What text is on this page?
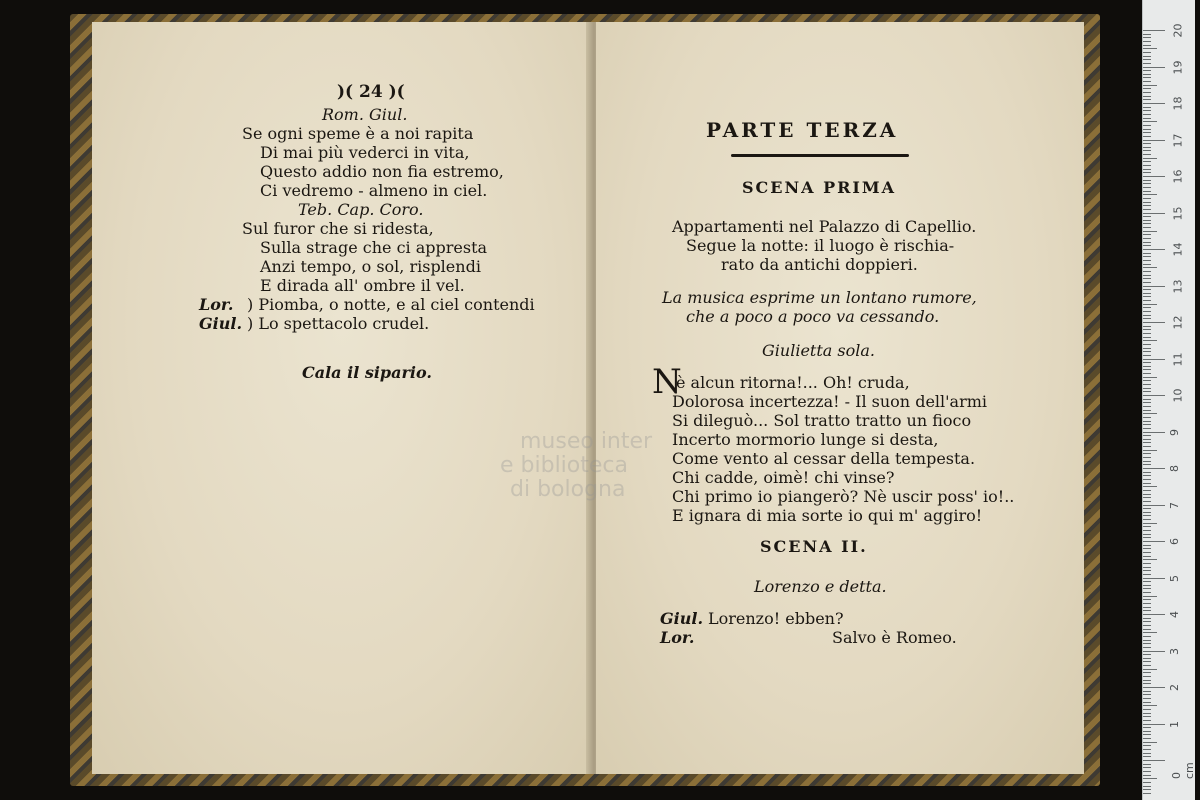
)( 24 )(
Rom. Giul.
Se ogni speme è a noi rapita
Di mai più vederci in vita,
Questo addio non fia estremo,
Ci vedremo - almeno in ciel.
Teb. Cap. Coro.
Sul furor che si ridesta,
Sulla strage che ci appresta
Anzi tempo, o sol, risplendi
E dirada all' ombre il vel.
Lor.
Giul.
) Piomba, o notte, e al ciel contendi
) Lo spettacolo crudel.
Cala il sipario.
PARTE TERZA
SCENA PRIMA
Appartamenti nel Palazzo di Capellio.
Segue la notte: il luogo è rischia-
rato da antichi doppieri.
La musica esprime un lontano rumore,
che a poco a poco va cessando.
Giulietta sola.
N
è alcun ritorna!... Oh! cruda,
Dolorosa incertezza! - Il suon dell'armi
Si dileguò... Sol tratto tratto un fioco
Incerto mormorio lunge si desta,
Come vento al cessar della tempesta.
Chi cadde, oimè! chi vinse?
Chi primo io piangerò? Nè uscir poss' io!..
E ignara di mia sorte io qui m' aggiro!
SCENA II.
Lorenzo e detta.
Giul. Lorenzo! ebben?
Lor.	Salvo è Romeo.
museo inter
e biblioteca
di bologna
20
19
18
17
16
15
14
13
12
11
10
9
8
7
6
5
4
3
2
1
0 cm
